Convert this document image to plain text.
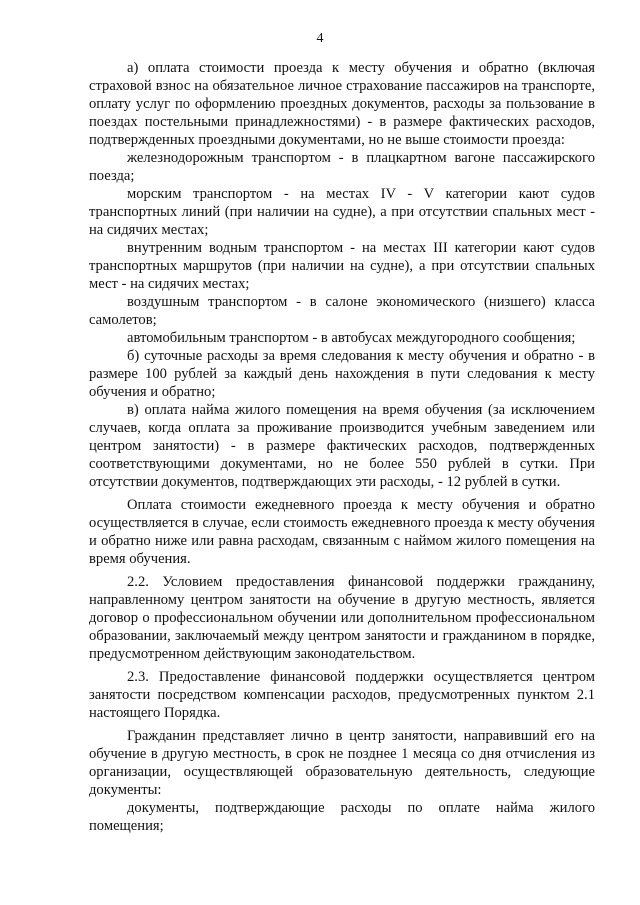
4

а) оплата стоимости проезда к месту обучения и обратно (включая страховой взнос на обязательное личное страхование пассажиров на транспорте, оплату услуг по оформлению проездных документов, расходы за пользование в поездах постельными принадлежностями) - в размере фактических расходов, подтвержденных проездными документами, но не выше стоимости проезда:

железнодорожным транспортом - в плацкартном вагоне пассажирского поезда;

морским транспортом - на местах IV - V категории кают судов транспортных линий (при наличии на судне), а при отсутствии спальных мест - на сидячих местах;

внутренним водным транспортом - на местах III категории кают судов транспортных маршрутов (при наличии на судне), а при отсутствии спальных мест - на сидячих местах;

воздушным транспортом - в салоне экономического (низшего) класса самолетов;

автомобильным транспортом - в автобусах междугородного сообщения;

б) суточные расходы за время следования к месту обучения и обратно - в размере 100 рублей за каждый день нахождения в пути следования к месту обучения и обратно;

в) оплата найма жилого помещения на время обучения (за исключением случаев, когда оплата за проживание производится учебным заведением или центром занятости) - в размере фактических расходов, подтвержденных соответствующими документами, но не более 550 рублей в сутки. При отсутствии документов, подтверждающих эти расходы, - 12 рублей в сутки.

Оплата стоимости ежедневного проезда к месту обучения и обратно осуществляется в случае, если стоимость ежедневного проезда к месту обучения и обратно ниже или равна расходам, связанным с наймом жилого помещения на время обучения.

2.2. Условием предоставления финансовой поддержки гражданину, направленному центром занятости на обучение в другую местность, является договор о профессиональном обучении или дополнительном профессиональном образовании, заключаемый между центром занятости и гражданином в порядке, предусмотренном действующим законодательством.

2.3. Предоставление финансовой поддержки осуществляется центром занятости посредством компенсации расходов, предусмотренных пунктом 2.1 настоящего Порядка.

Гражданин представляет лично в центр занятости, направивший его на обучение в другую местность, в срок не позднее 1 месяца со дня отчисления из организации, осуществляющей образовательную деятельность, следующие документы:

документы, подтверждающие расходы по оплате найма жилого помещения;
